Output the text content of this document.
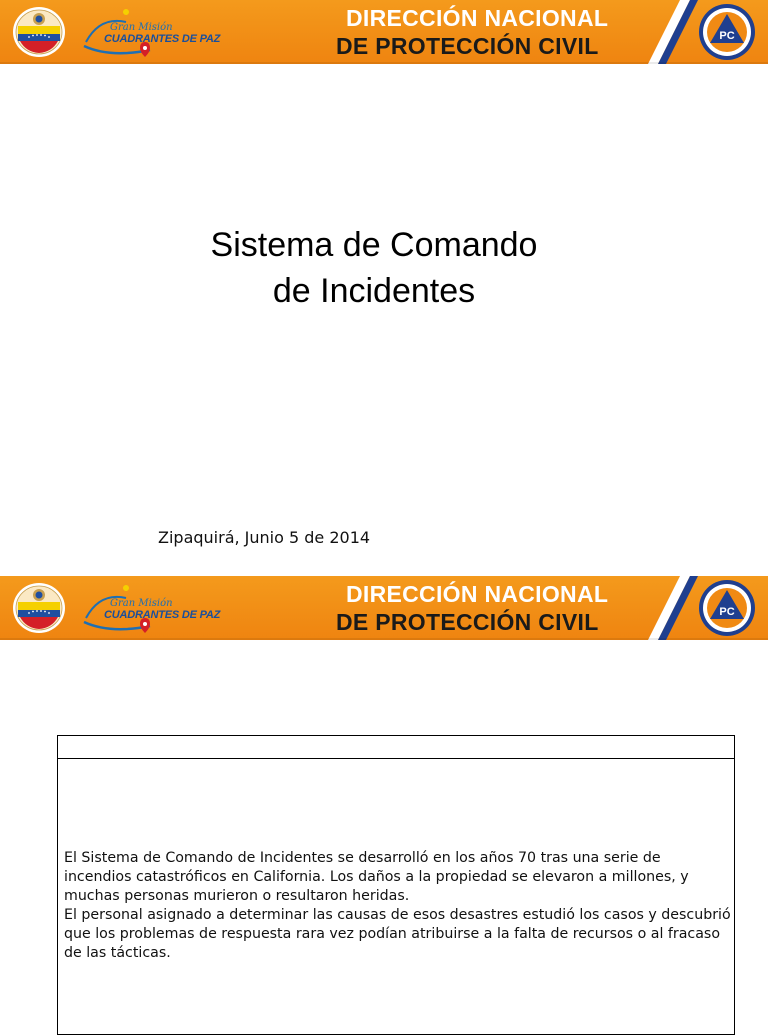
Gran Misión
CUADRANTES DE PAZ
DIRECCIÓN NACIONAL
DE PROTECCIÓN CIVIL	PC
Sistema de Comando
de Incidentes
Zipaquirá, Junio 5 de 2014
Gran Misión
CUADRANTES DE PAZ
DIRECCIÓN NACIONAL
DE PROTECCIÓN CIVIL	PC

El Sistema de Comando de Incidentes se desarrolló en los años 70 tras una serie de incendios catastróficos en California. Los daños a la propiedad se elevaron a millones, y muchas personas murieron o resultaron heridas.

El personal asignado a determinar las causas de esos desastres estudió los casos y descubrió que los problemas de respuesta rara vez podían atribuirse a la falta de recursos o al fracaso de las tácticas.
